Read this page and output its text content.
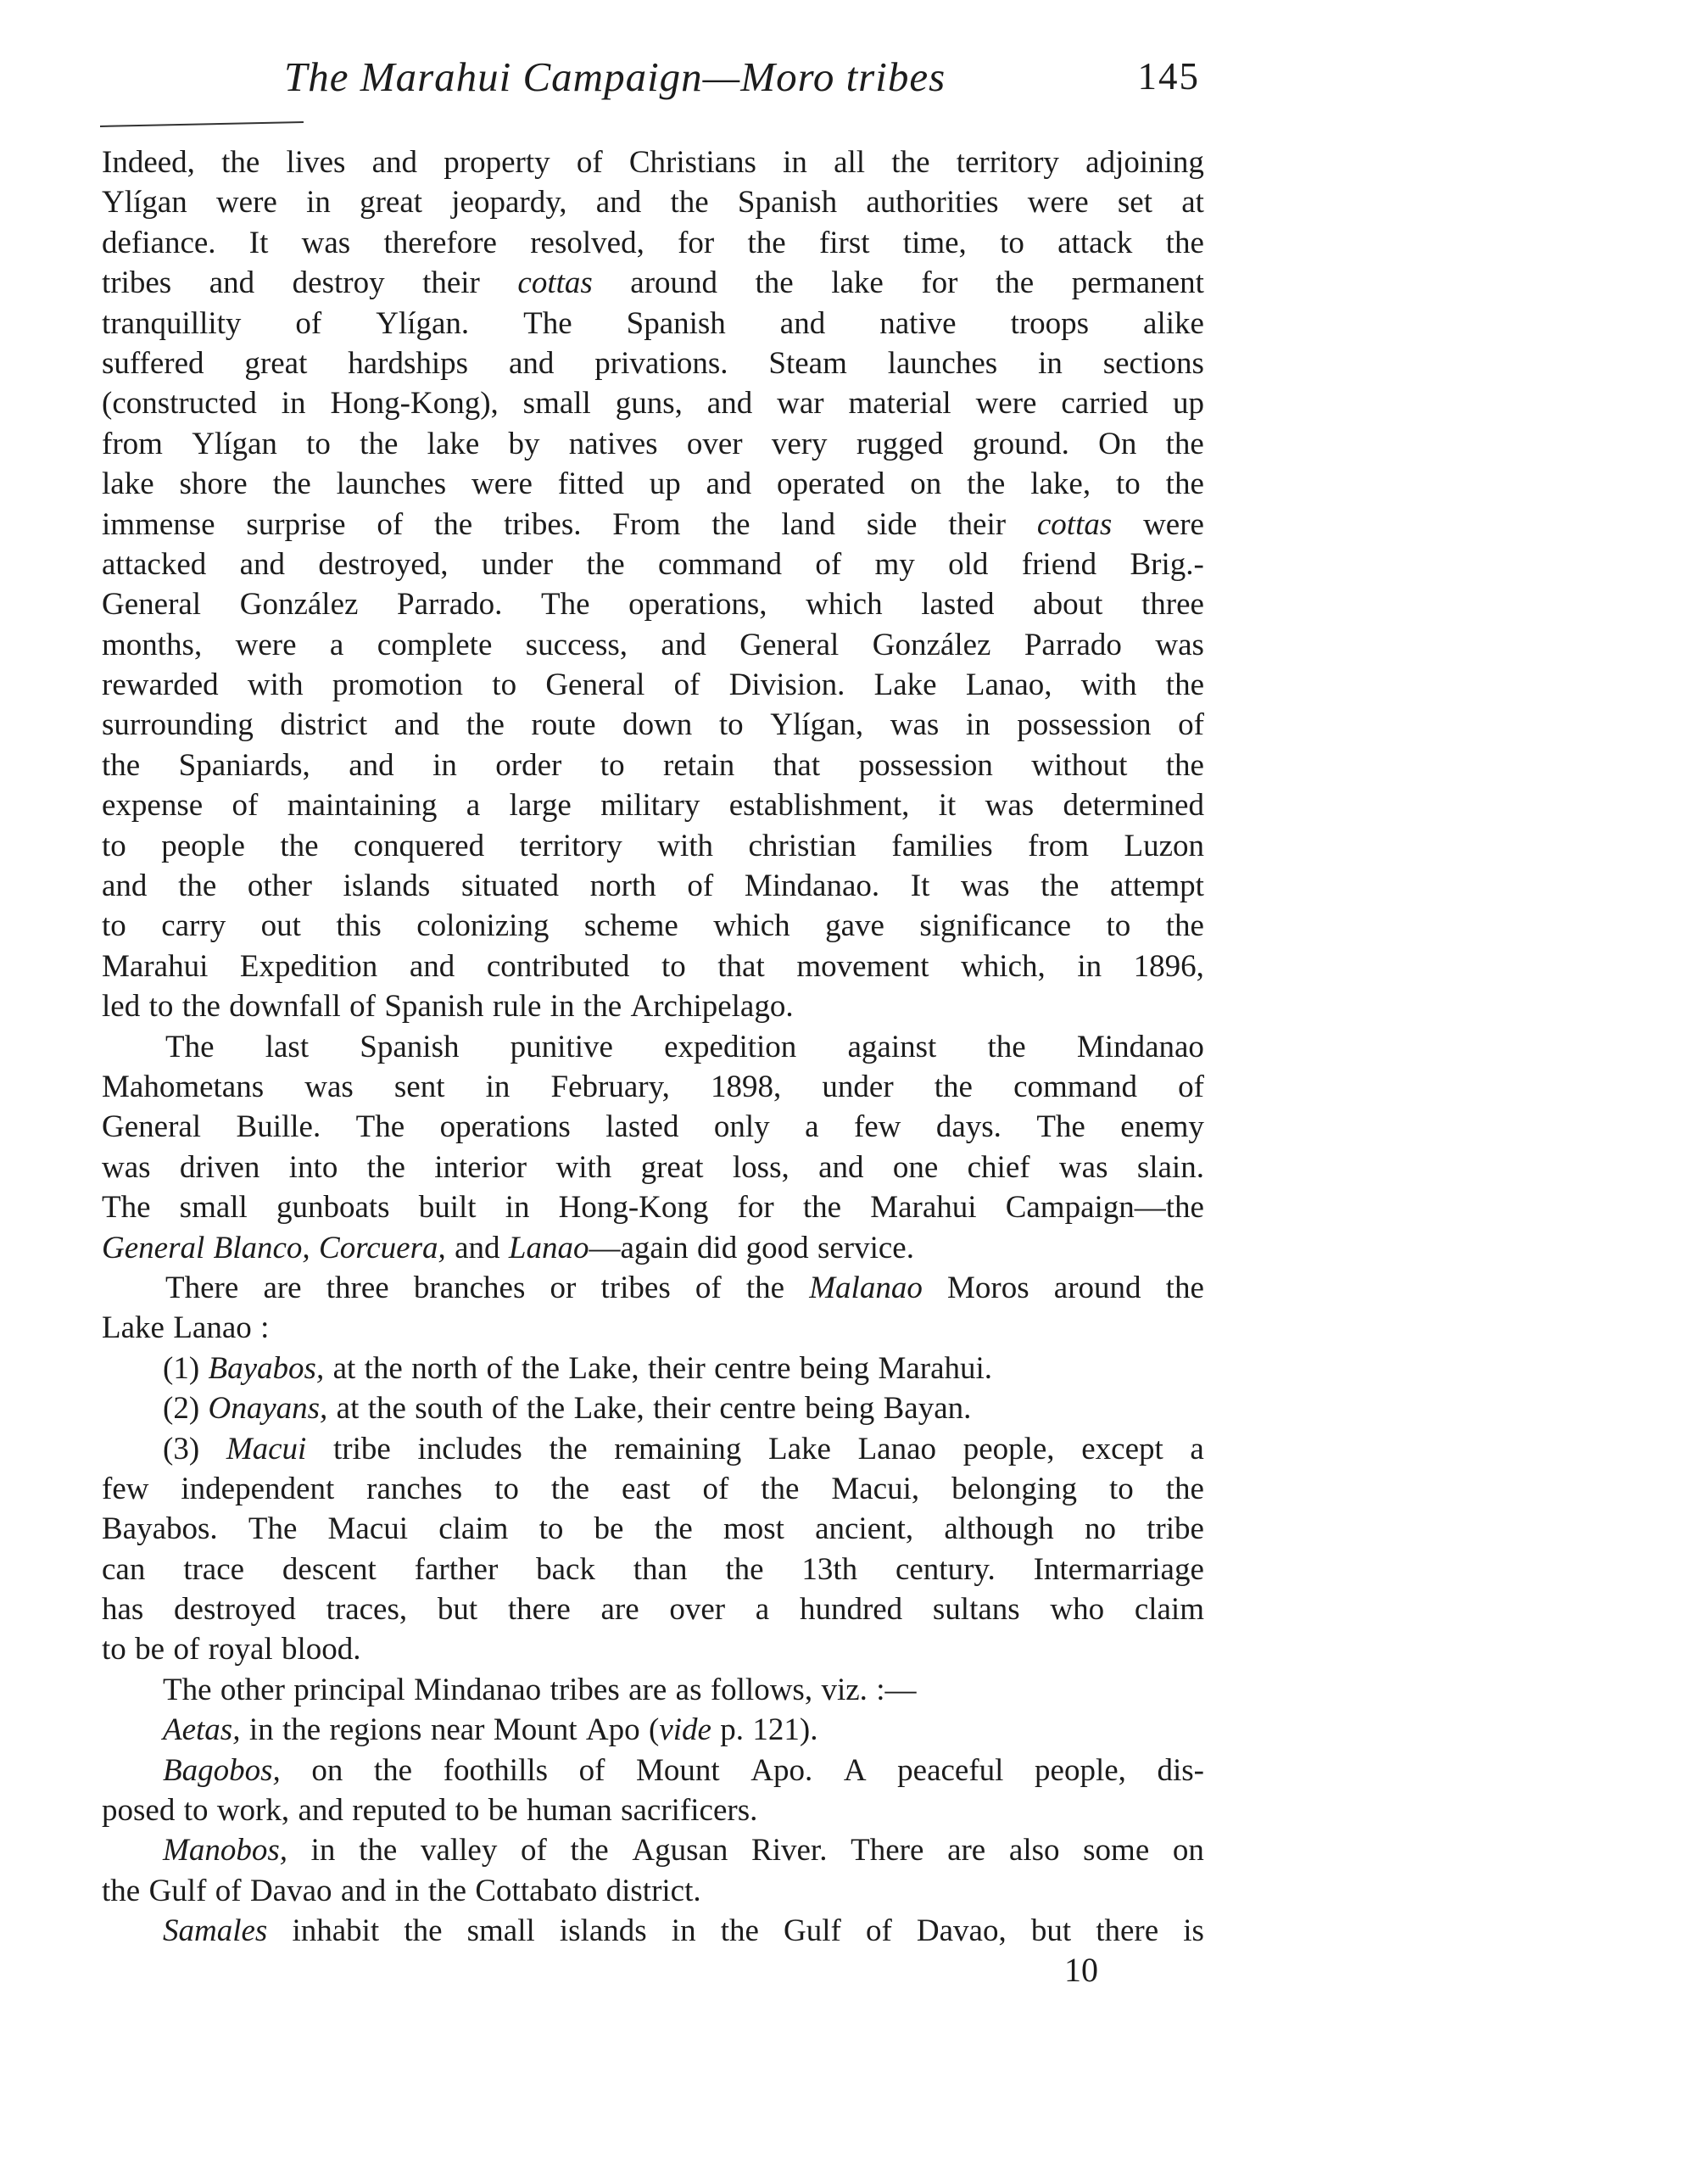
The Marahui Campaign—Moro tribes	145
Indeed, the lives and property of Christians in all the territory adjoining
Ylígan were in great jeopardy, and the Spanish authorities were set at
defiance. It was therefore resolved, for the first time, to attack the
tribes and destroy their cottas around the lake for the permanent
tranquillity of Ylígan. The Spanish and native troops alike
suffered great hardships and privations. Steam launches in sections
(constructed in Hong-Kong), small guns, and war material were carried up
from Ylígan to the lake by natives over very rugged ground. On the
lake shore the launches were fitted up and operated on the lake, to the
immense surprise of the tribes. From the land side their cottas were
attacked and destroyed, under the command of my old friend Brig.-
General González Parrado. The operations, which lasted about three
months, were a complete success, and General González Parrado was
rewarded with promotion to General of Division. Lake Lanao, with the
surrounding district and the route down to Ylígan, was in possession of
the Spaniards, and in order to retain that possession without the
expense of maintaining a large military establishment, it was determined
to people the conquered territory with christian families from Luzon
and the other islands situated north of Mindanao. It was the attempt
to carry out this colonizing scheme which gave significance to the
Marahui Expedition and contributed to that movement which, in 1896,
led to the downfall of Spanish rule in the Archipelago.
The last Spanish punitive expedition against the Mindanao
Mahometans was sent in February, 1898, under the command of
General Buille. The operations lasted only a few days. The enemy
was driven into the interior with great loss, and one chief was slain.
The small gunboats built in Hong-Kong for the Marahui Campaign—the
General Blanco, Corcuera, and Lanao—again did good service.
There are three branches or tribes of the Malanao Moros around the
Lake Lanao :
(1) Bayabos, at the north of the Lake, their centre being Marahui.
(2) Onayans, at the south of the Lake, their centre being Bayan.
(3) Macui tribe includes the remaining Lake Lanao people, except a
few independent ranches to the east of the Macui, belonging to the
Bayabos. The Macui claim to be the most ancient, although no tribe
can trace descent farther back than the 13th century. Intermarriage
has destroyed traces, but there are over a hundred sultans who claim
to be of royal blood.
The other principal Mindanao tribes are as follows, viz. :—
Aetas, in the regions near Mount Apo (vide p. 121).
Bagobos, on the foothills of Mount Apo. A peaceful people, dis-
posed to work, and reputed to be human sacrificers.
Manobos, in the valley of the Agusan River. There are also some on
the Gulf of Davao and in the Cottabato district.
Samales inhabit the small islands in the Gulf of Davao, but there is
10
